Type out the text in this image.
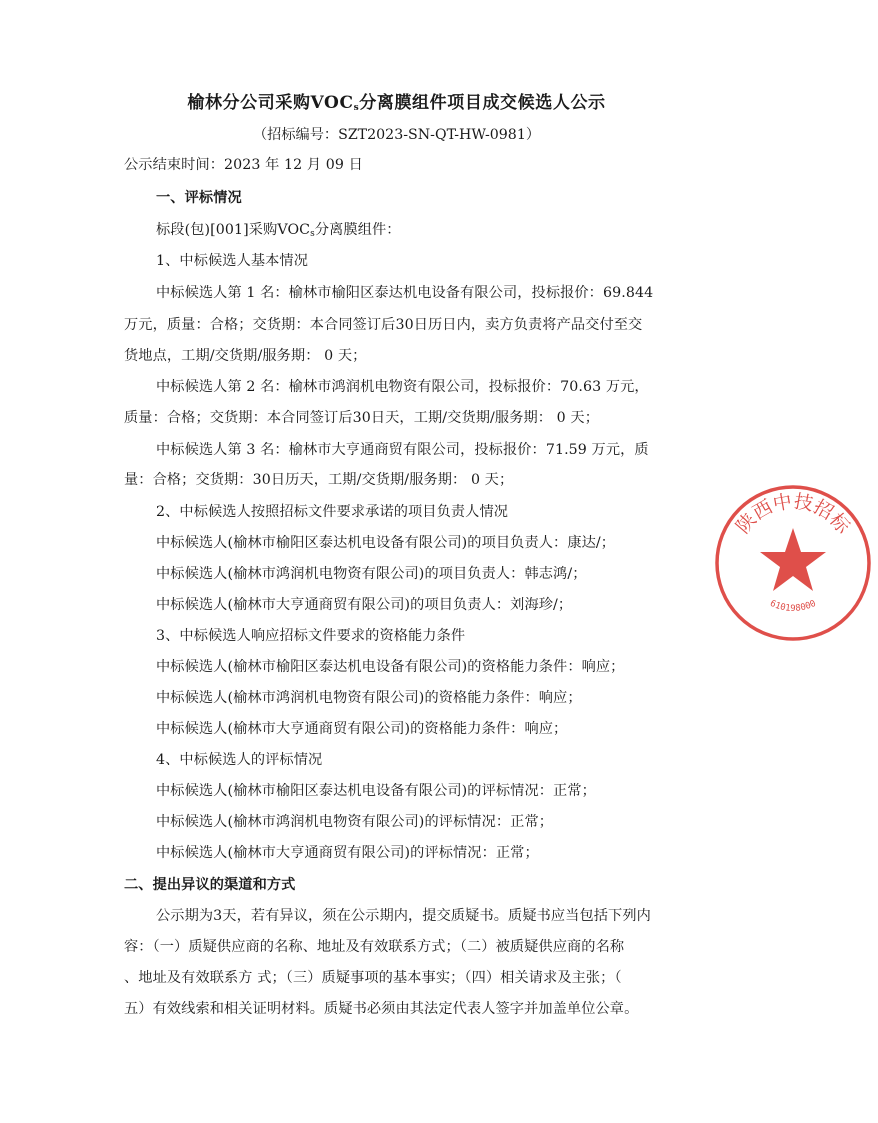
榆林分公司采购$VOC_s$分离膜组件项目成交候选人公示
（招标编号：SZT2023-SN-QT-HW-0981）
公示结束时间：2023 年 12 月 09 日
一、评标情况
标段(包)[001]采购$VOC_s$分离膜组件：
1、中标候选人基本情况
中标候选人第 1 名：榆林市榆阳区泰达机电设备有限公司，投标报价：69.844
万元，质量：合格；交货期：本合同签订后30日历日内，卖方负责将产品交付至交
货地点，工期/交货期/服务期： 0 天；
中标候选人第 2 名：榆林市鸿润机电物资有限公司，投标报价：70.63 万元，
质量：合格；交货期：本合同签订后30日天，工期/交货期/服务期： 0 天；
中标候选人第 3 名：榆林市大亨通商贸有限公司，投标报价：71.59 万元，质
量：合格；交货期：30日历天，工期/交货期/服务期： 0 天；
2、中标候选人按照招标文件要求承诺的项目负责人情况
中标候选人(榆林市榆阳区泰达机电设备有限公司)的项目负责人：康达/；
中标候选人(榆林市鸿润机电物资有限公司)的项目负责人：韩志鸿/；
中标候选人(榆林市大亨通商贸有限公司)的项目负责人：刘海珍/；
3、中标候选人响应招标文件要求的资格能力条件
中标候选人(榆林市榆阳区泰达机电设备有限公司)的资格能力条件：响应；
中标候选人(榆林市鸿润机电物资有限公司)的资格能力条件：响应；
中标候选人(榆林市大亨通商贸有限公司)的资格能力条件：响应；
4、中标候选人的评标情况
中标候选人(榆林市榆阳区泰达机电设备有限公司)的评标情况：正常；
中标候选人(榆林市鸿润机电物资有限公司)的评标情况：正常；
中标候选人(榆林市大亨通商贸有限公司)的评标情况：正常；
二、提出异议的渠道和方式
公示期为3天，若有异议，须在公示期内，提交质疑书。质疑书应当包括下列内
容：（一）质疑供应商的名称、地址及有效联系方式；（二）被质疑供应商的名称
、地址及有效联系方 式；（三）质疑事项的基本事实；（四）相关请求及主张；（
五）有效线索和相关证明材料。质疑书必须由其法定代表人签字并加盖单位公章。
陕西中技招标
610198000
